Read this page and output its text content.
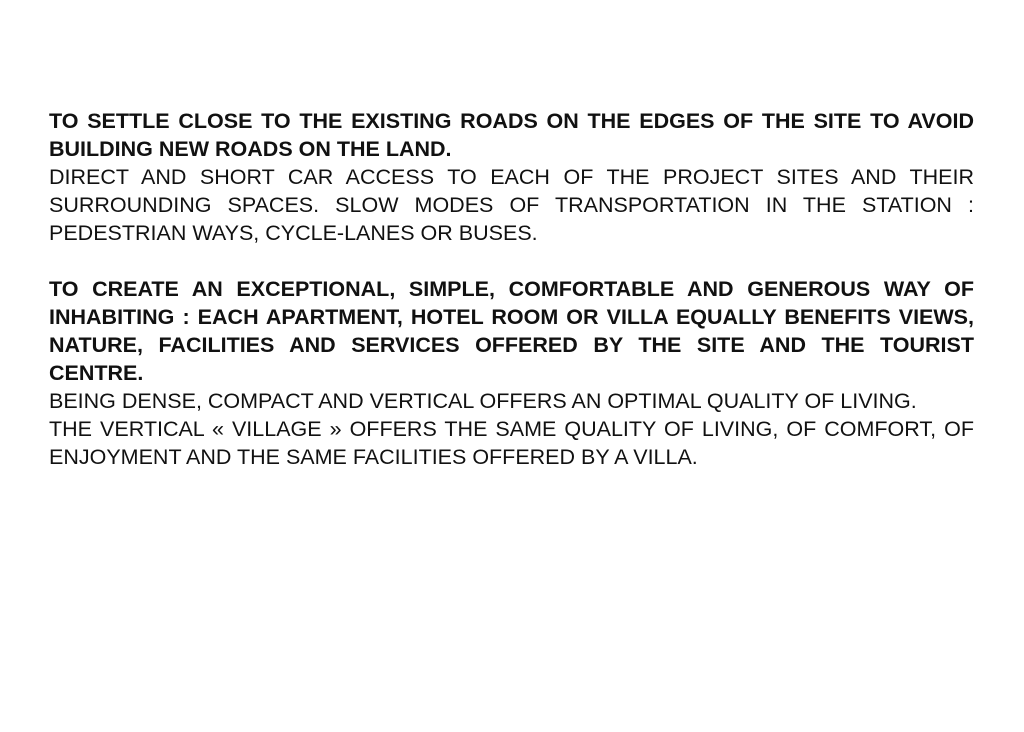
TO SETTLE CLOSE TO THE EXISTING ROADS ON THE EDGES OF THE SITE TO AVOID BUILDING NEW ROADS ON THE LAND.

DIRECT AND SHORT CAR ACCESS TO EACH OF THE PROJECT SITES AND THEIR SURROUNDING SPACES. SLOW MODES OF TRANSPORTATION IN THE STATION : PEDESTRIAN WAYS, CYCLE-LANES OR BUSES.

TO CREATE AN EXCEPTIONAL, SIMPLE, COMFORTABLE AND GENEROUS WAY OF INHABITING : EACH APARTMENT, HOTEL ROOM OR VILLA EQUALLY BENEFITS VIEWS, NATURE, FACILITIES AND SERVICES OFFERED BY THE SITE AND THE TOURIST CENTRE.

BEING DENSE, COMPACT AND VERTICAL OFFERS AN OPTIMAL QUALITY OF LIVING.

THE VERTICAL « VILLAGE » OFFERS THE SAME QUALITY OF LIVING, OF COMFORT, OF ENJOYMENT AND THE SAME FACILITIES OFFERED BY A VILLA.
